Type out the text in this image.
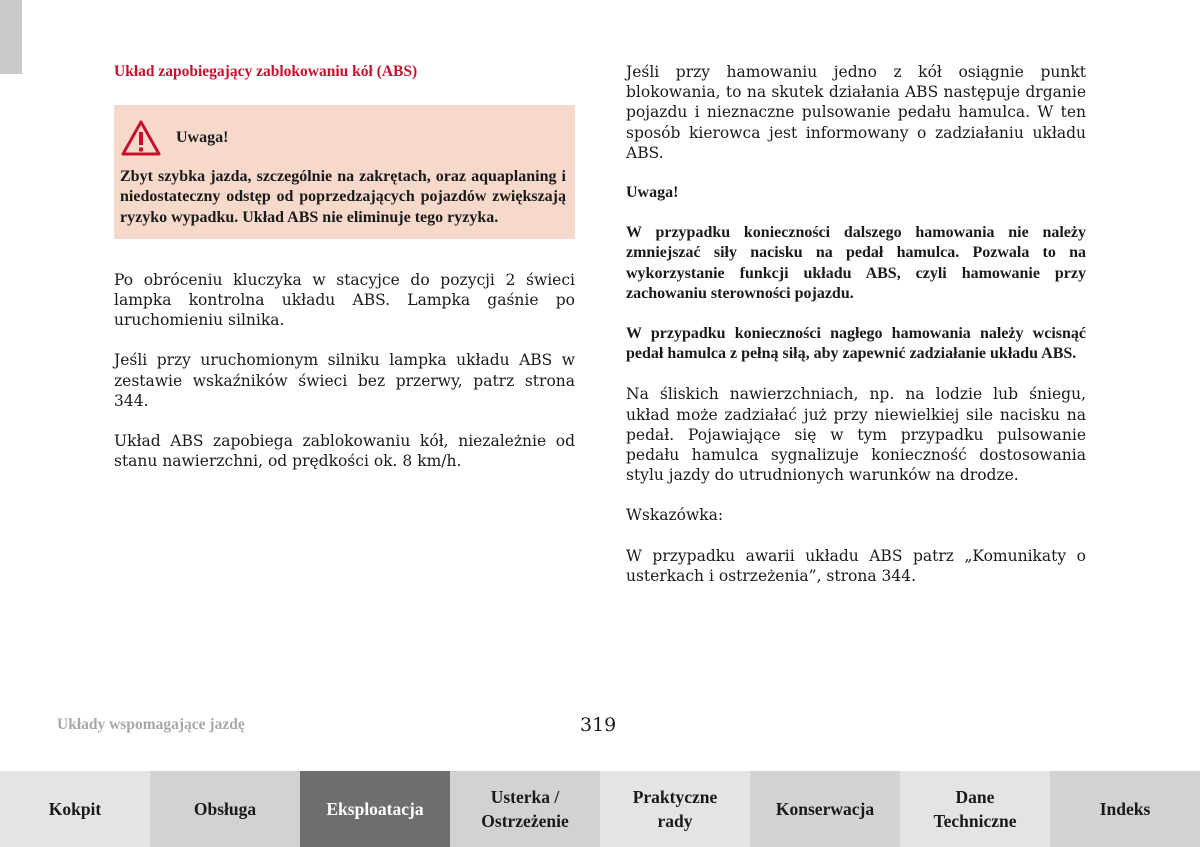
Układ zapobiegający zablokowaniu kół (ABS)
Uwaga!
Zbyt szybka jazda, szczególnie na zakrętach, oraz aquaplaning i niedostateczny odstęp od poprzedzających pojazdów zwiększają ryzyko wypadku. Układ ABS nie eliminuje tego ryzyka.

Po obróceniu kluczyka w stacyjce do pozycji 2 świeci lampka kontrolna układu ABS. Lampka gaśnie po uruchomieniu silnika.

Jeśli przy uruchomionym silniku lampka układu ABS w zestawie wskaźników świeci bez przerwy, patrz strona 344.

Układ ABS zapobiega zablokowaniu kół, niezależnie od stanu nawierzchni, od prędkości ok. 8 km/h.

Jeśli przy hamowaniu jedno z kół osiągnie punkt blokowania, to na skutek działania ABS następuje drganie pojazdu i nieznaczne pulsowanie pedału hamulca. W ten sposób kierowca jest informowany o zadziałaniu układu ABS.

Uwaga!

W przypadku konieczności dalszego hamowania nie należy zmniejszać siły nacisku na pedał hamulca. Pozwala to na wykorzystanie funkcji układu ABS, czyli hamowanie przy zachowaniu sterowności pojazdu.

W przypadku konieczności nagłego hamowania należy wcisnąć pedał hamulca z pełną siłą, aby zapewnić zadziałanie układu ABS.

Na śliskich nawierzchniach, np. na lodzie lub śniegu, układ może zadziałać już przy niewielkiej sile nacisku na pedał. Pojawiające się w tym przypadku pulsowanie pedału hamulca sygnalizuje konieczność dostosowania stylu jazdy do utrudnionych warunków na drodze.

Wskazówka:

W przypadku awarii układu ABS patrz „Komunikaty o usterkach i ostrzeżenia”, strona 344.

Układy wspomagające jazdę	319
Kokpit	Obsługa	Eksploatacja
Usterka /
Ostrzeżenie
Praktyczne
rady
Konserwacja
Dane
Techniczne
Indeks
